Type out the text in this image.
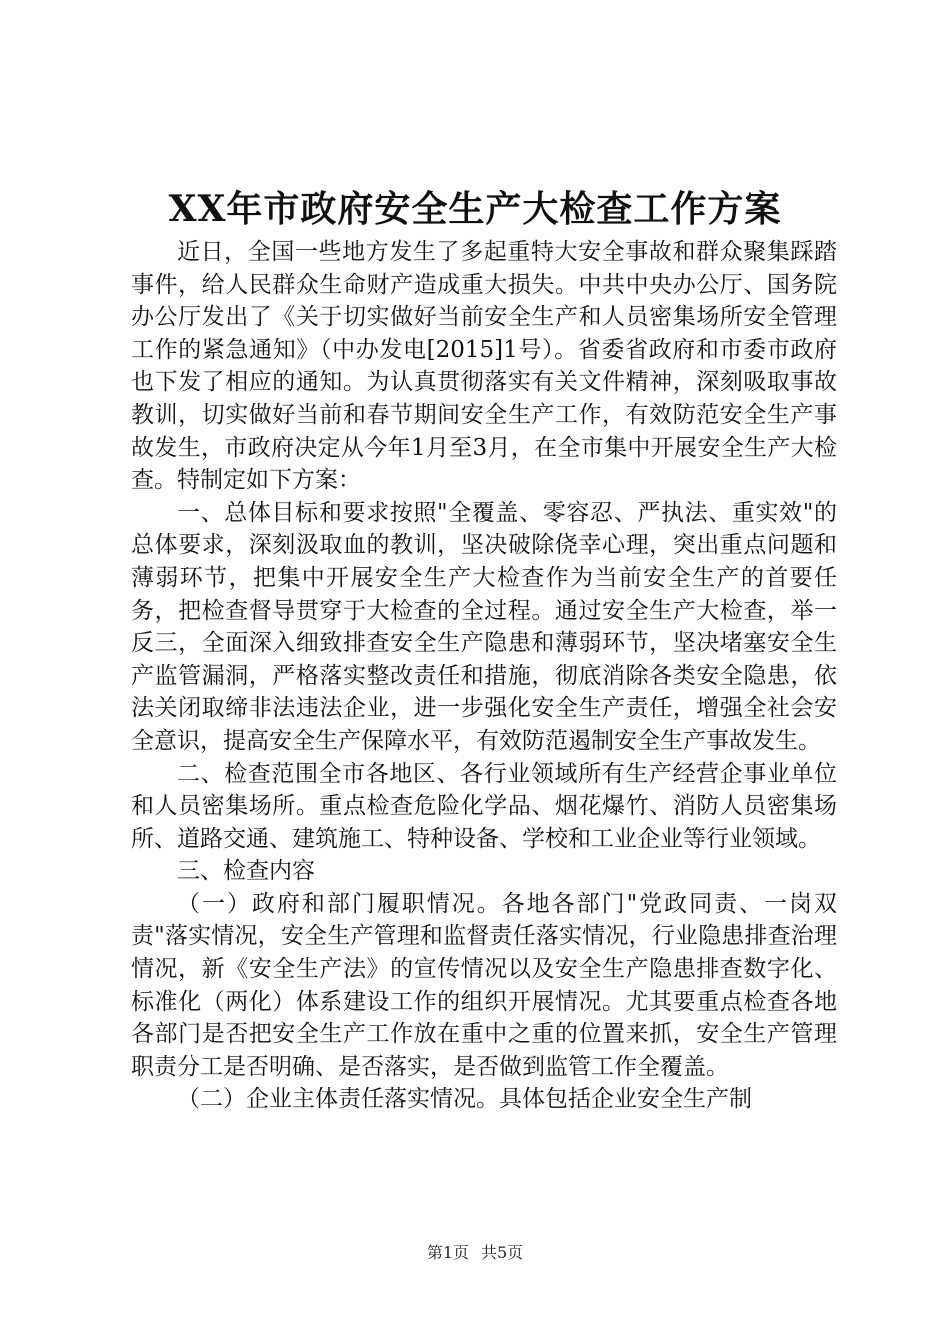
XX年市政府安全生产大检查工作方案

近日，全国一些地方发生了多起重特大安全事故和群众聚集踩踏事件，给人民群众生命财产造成重大损失。中共中央办公厅、国务院办公厅发出了《关于切实做好当前安全生产和人员密集场所安全管理工作的紧急通知》（中办发电[2015]1号）。省委省政府和市委市政府也下发了相应的通知。为认真贯彻落实有关文件精神，深刻吸取事故教训，切实做好当前和春节期间安全生产工作，有效防范安全生产事故发生，市政府决定从今年1月至3月，在全市集中开展安全生产大检查。特制定如下方案：

一、总体目标和要求按照"全覆盖、零容忍、严执法、重实效"的总体要求，深刻汲取血的教训，坚决破除侥幸心理，突出重点问题和薄弱环节，把集中开展安全生产大检查作为当前安全生产的首要任务，把检查督导贯穿于大检查的全过程。通过安全生产大检查，举一反三，全面深入细致排查安全生产隐患和薄弱环节，坚决堵塞安全生产监管漏洞，严格落实整改责任和措施，彻底消除各类安全隐患，依法关闭取缔非法违法企业，进一步强化安全生产责任，增强全社会安全意识，提高安全生产保障水平，有效防范遏制安全生产事故发生。

二、检查范围全市各地区、各行业领域所有生产经营企事业单位和人员密集场所。重点检查危险化学品、烟花爆竹、消防人员密集场所、道路交通、建筑施工、特种设备、学校和工业企业等行业领域。

三、检查内容

（一）政府和部门履职情况。各地各部门"党政同责、一岗双责"落实情况，安全生产管理和监督责任落实情况，行业隐患排查治理情况，新《安全生产法》的宣传情况以及安全生产隐患排查数字化、标准化（两化）体系建设工作的组织开展情况。尤其要重点检查各地各部门是否把安全生产工作放在重中之重的位置来抓，安全生产管理职责分工是否明确、是否落实，是否做到监管工作全覆盖。

（二）企业主体责任落实情况。具体包括企业安全生产制

第1页 共5页
